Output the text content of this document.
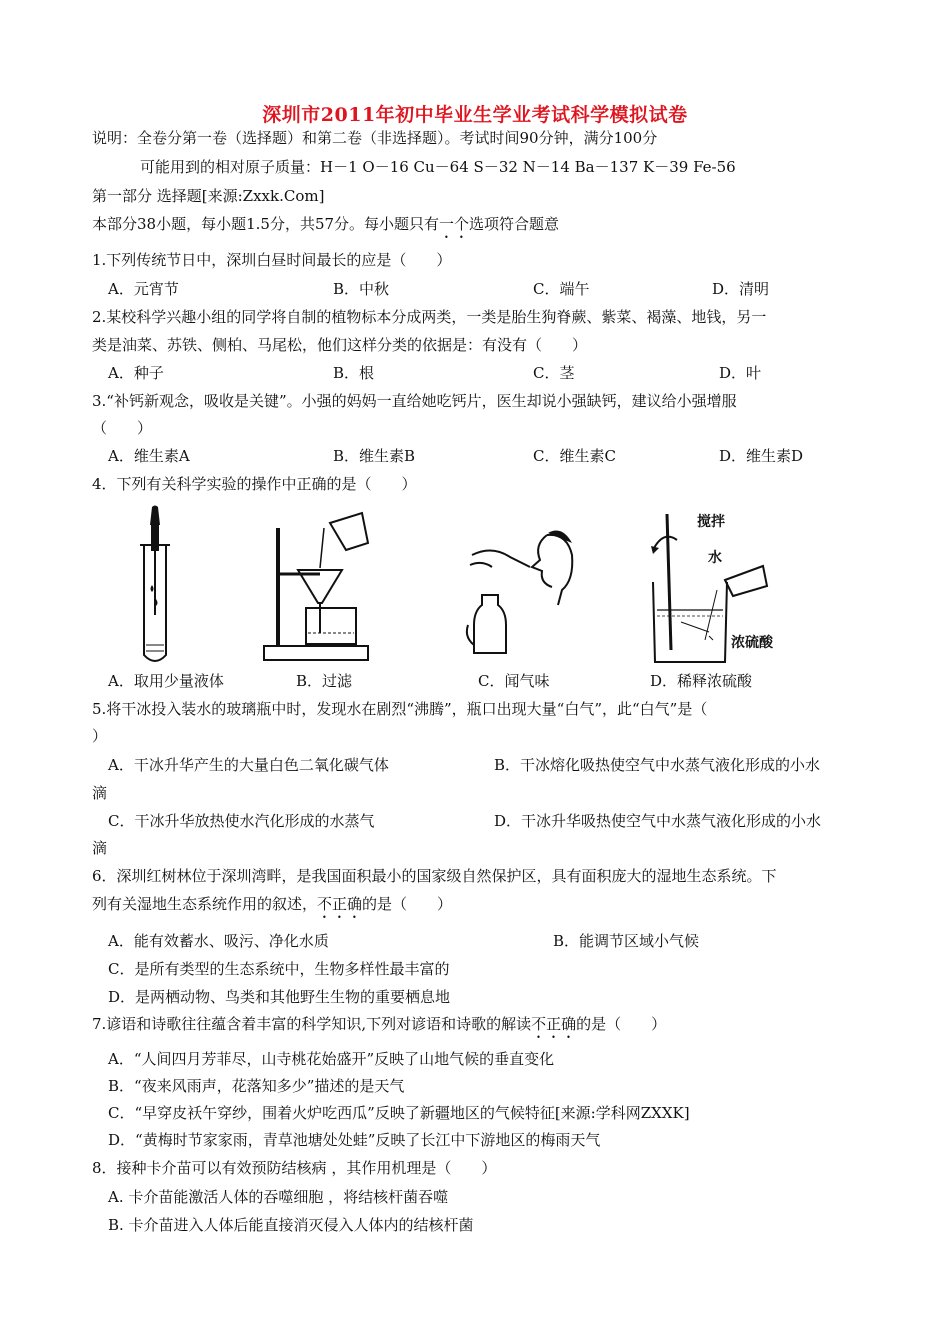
深圳市2011年初中毕业生学业考试科学模拟试卷
说明：全卷分第一卷（选择题）和第二卷（非选择题）。考试时间90分钟，满分100分
可能用到的相对原子质量：H－1 O－16 Cu－64 S－32 N－14 Ba－137 K－39 Fe-56
第一部分 选择题[来源:Zxxk.Com]
本部分38小题，每小题1.5分，共57分。每小题只有一个选项符合题意
1.下列传统节日中，深圳白昼时间最长的应是（　　）
A．元宵节	B．中秋	C．端午	D．清明
2.某校科学兴趣小组的同学将自制的植物标本分成两类，一类是胎生狗脊蕨、紫菜、褐藻、地钱，另一
类是油菜、苏铁、侧柏、马尾松，他们这样分类的依据是：有没有（　　）
A．种子	B．根	C．茎	D．叶
3.“补钙新观念，吸收是关键”。小强的妈妈一直给她吃钙片，医生却说小强缺钙，建议给小强增服
（　　）
A．维生素A	B．维生素B	C．维生素C	D．维生素D
4．下列有关科学实验的操作中正确的是（　　）
搅拌
水
浓硫酸
A．取用少量液体	B．过滤	C．闻气味	D．稀释浓硫酸
5.将干冰投入装水的玻璃瓶中时，发现水在剧烈“沸腾”，瓶口出现大量“白气”，此“白气”是（
）
A．干冰升华产生的大量白色二氧化碳气体	B．干冰熔化吸热使空气中水蒸气液化形成的小水
滴
C．干冰升华放热使水汽化形成的水蒸气	D．干冰升华吸热使空气中水蒸气液化形成的小水
滴
6．深圳红树林位于深圳湾畔，是我国面积最小的国家级自然保护区，具有面积庞大的湿地生态系统。下
列有关湿地生态系统作用的叙述，不正确的是（　　）
A．能有效蓄水、吸污、净化水质	B．能调节区域小气候
C．是所有类型的生态系统中，生物多样性最丰富的
D．是两栖动物、鸟类和其他野生生物的重要栖息地
7.谚语和诗歌往往蕴含着丰富的科学知识,下列对谚语和诗歌的解读不正确的是（　　）
A．“人间四月芳菲尽，山寺桃花始盛开”反映了山地气候的垂直变化
B．“夜来风雨声，花落知多少”描述的是天气
C．“早穿皮袄午穿纱，围着火炉吃西瓜”反映了新疆地区的气候特征[来源:学科网ZXXK]
D．“黄梅时节家家雨，青草池塘处处蛙”反映了长江中下游地区的梅雨天气
8．接种卡介苗可以有效预防结核病 ，其作用机理是（　　）
A. 卡介苗能激活人体的吞噬细胞 ，将结核杆菌吞噬
B. 卡介苗进入人体后能直接消灭侵入人体内的结核杆菌
